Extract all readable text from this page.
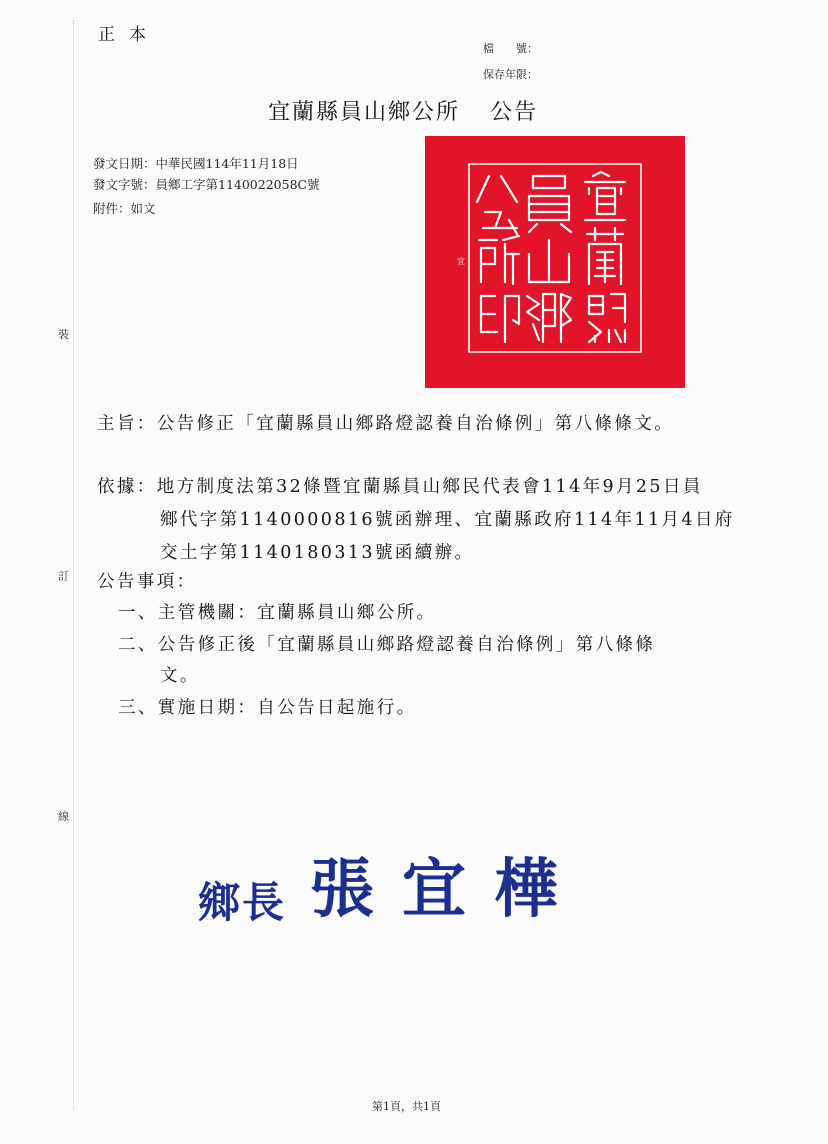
正本
檔　　號：
保存年限：
宜蘭縣員山鄉公所 公告
發文日期：中華民國114年11月18日
發文字號：員鄉工字第1140022058C號
附件：如文
裝
訂
線
宜
主旨：公告修正「宜蘭縣員山鄉路燈認養自治條例」第八條條文。
依據：地方制度法第32條暨宜蘭縣員山鄉民代表會114年9月25日員
鄉代字第1140000816號函辦理、宜蘭縣政府114年11月4日府
交土字第1140180313號函續辦。
公告事項：
一、主管機關：宜蘭縣員山鄉公所。
二、公告修正後「宜蘭縣員山鄉路燈認養自治條例」第八條條
文。
三、實施日期：自公告日起施行。
鄉長 張宜樺
第1頁，共1頁
